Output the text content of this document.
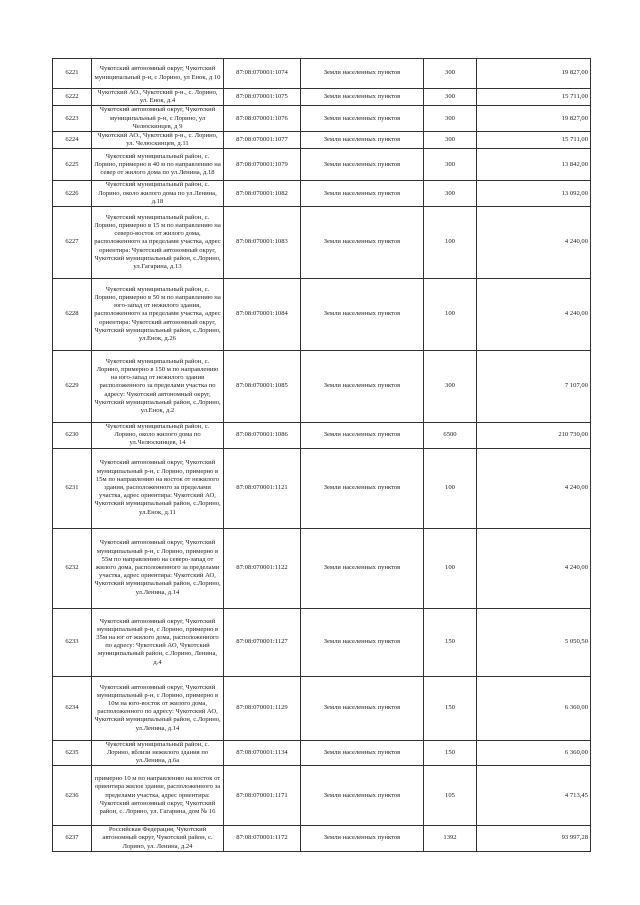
6221	Чукотский автономный округ, Чукотский муниципальный р-н, с Лорино, ул Енок, д 10	87:08:070001:1074	Земли населенных пунктов	300	19 827,00
6222	Чукотский АО., Чукотский р-н., с. Лорино, ул. Енок, д.4	87:08:070001:1075	Земли населенных пунктов	300	15 711,00
6223	Чукотский автономный округ, Чукотский муниципальный р-н, с Лорино, ул Челюскинцев, д 9	87:08:070001:1076	Земли населенных пунктов	300	19 827,00
6224	Чукотский АО., Чукотский р-н., с. Лорино, ул. Челюскинцев, д.11	87:08:070001:1077	Земли населенных пунктов	300	15 711,00
6225	Чукотский муниципальный район, с. Лорино, примерно в 40 м по направлению на север от жилого дома по ул.Ленина, д.18	87:08:070001:1079	Земли населенных пунктов	300	13 842,00
6226	Чукотский муниципальный район, с. Лорино, около жилого дома по ул.Ленина, д.18	87:08:070001:1082	Земли населенных пунктов	300	13 092,00
6227	Чукотский муниципальный район, с. Лорино, примерно в 15 м по направлению на северо-восток от жилого дома, расположенного за пределами участка, адрес ориентира: Чукотский автономный округ, Чукотский муниципальный район, с.Лорино, ул.Гагарина, д.13	87:08:070001:1083	Земли населенных пунктов	100	4 240,00
6228	Чукотский муниципальный район, с. Лорино, примерно в 50 м по направлению на юго-запад от нежилого здания, расположенного за пределами участка, адрес ориентира: Чукотский автономный округ, Чукотский муниципальный район, с.Лорино, ул.Енок, д.26	87:08:070001:1084	Земли населенных пунктов	100	4 240,00
6229	Чукотский муниципальный район, с. Лорино, примерно в 150 м по направлению на юго-запад от нежилого здания расположенного за пределами участка по адресу: Чукотский автономный округ, Чукотский муниципальный район, с.Лорино, ул.Енок, д.2	87:08:070001:1085	Земли населенных пунктов	300	7 107,00
6230	Чукотский муниципальный район, с. Лорино, около жилого дома по ул.Челюскинцев, 14	87:08:070001:1086	Земли населенных пунктов	6500	210 730,00
6231	Чукотский автономный округ, Чукотский муниципальный р-н, с Лорино, примерно в 15м по направлению на восток от нежилого здания, расположенного за пределами участка, адрес ориентира: Чукотский АО, Чукотский муниципальный район, с.Лорино, ул.Енок, д.11	87:08:070001:1121	Земли населенных пунктов	100	4 240,00
6232	Чукотский автономный округ, Чукотский муниципальный р-н, с Лорино, примерно в 55м по направлению на северо-запад от жилого дома, расположенного за пределами участка, адрес ориентира: Чукотский АО, Чукотский муниципальный район, с.Лорино, ул.Ленина, д.14	87:08:070001:1122	Земли населенных пунктов	100	4 240,00
6233	Чукотский автономный округ, Чукотский муниципальный р-н, с Лорино, примерно в 35м на юг от жилого дома, расположенного по адресу: Чукотский АО, Чукотский муниципальный район, с.Лорино, Ленина, д.4	87:08:070001:1127	Земли населенных пунктов	150	5 050,50
6234	Чукотский автономный округ, Чукотский муниципальный р-н, с Лорино, примерно в 10м на юго-восток от жилого дома, расположенного по адресу: Чукотский АО, Чукотский муниципальный район, с.Лорино, ул.Ленина, д.14	87:08:070001:1129	Земли населенных пунктов	150	6 360,00
6235	Чукотский муниципальный район, с. Лорино, вблизи нежилого здания по ул.Ленина, д.6а	87:08:070001:1134	Земли населенных пунктов	150	6 360,00
6236	примерно 10 м по направлению на восток от ориентира жилое здание, расположенного за пределами участка, адрес ориентира: Чукотский автономный округ, Чукотский район, с. Лорино, ул. Гагарина, дом № 16	87:08:070001:1171	Земли населенных пунктов	105	4 713,45
6237	Российская Федерация, Чукотский автономный округ, Чукотский район, с. Лорино, ул. Ленина, д.24	87:08:070001:1172	Земли населенных пунктов	1392	93 997,28
